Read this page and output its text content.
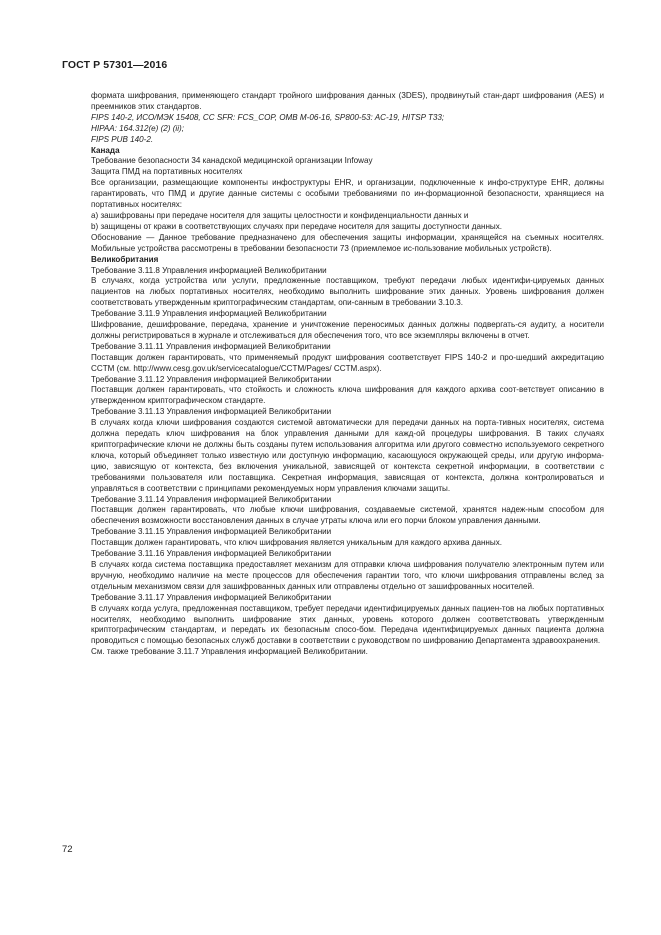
ГОСТ Р 57301—2016

формата шифрования, применяющего стандарт тройного шифрования данных (3DES), продвинутый стан-дарт шифрования (AES) и преемников этих стандартов.

FIPS 140-2, ИСО/МЭК 15408, CC SFR: FCS_COP, OMB M-06-16, SP800-53: AC-19, HITSP T33;

HIPAA: 164.312(e) (2) (ii);

FIPS PUB 140-2.

Канада

Требование безопасности 34 канадской медицинской организации Infoway

Защита ПМД на портативных носителях

Все организации, размещающие компоненты инфоструктуры EHR, и организации, подключенные к инфо-структуре EHR, должны гарантировать, что ПМД и другие данные системы с особыми требованиями по ин-формационной безопасности, хранящиеся на портативных носителях:

а) зашифрованы при передаче носителя для защиты целостности и конфиденциальности данных и

b) защищены от кражи в соответствующих случаях при передаче носителя для защиты доступности данных.

Обоснование — Данное требование предназначено для обеспечения защиты информации, хранящейся на съемных носителях. Мобильные устройства рассмотрены в требовании безопасности 73 (приемлемое ис-пользование мобильных устройств).

Великобритания

Требование 3.11.8 Управления информацией Великобритании

В случаях, когда устройства или услуги, предложенные поставщиком, требуют передачи любых идентифи-цируемых данных пациентов на любых портативных носителях, необходимо выполнить шифрование этих данных. Уровень шифрования должен соответствовать утвержденным криптографическим стандартам, опи-санным в требовании 3.10.3.

Требование 3.11.9 Управления информацией Великобритании

Шифрование, дешифрование, передача, хранение и уничтожение переносимых данных должны подвергать-ся аудиту, а носители должны регистрироваться в журнале и отслеживаться для обеспечения того, что все экземпляры включены в отчет.

Требование 3.11.11 Управления информацией Великобритании

Поставщик должен гарантировать, что применяемый продукт шифрования соответствует FIPS 140-2 и про-шедший аккредитацию CCTM (см. http://www.cesg.gov.uk/servicecatalogue/CCTM/Pages/ CCTM.aspx).

Требование 3.11.12 Управления информацией Великобритании

Поставщик должен гарантировать, что стойкость и сложность ключа шифрования для каждого архива соот-ветствует описанию в утвержденном криптографическом стандарте.

Требование 3.11.13 Управления информацией Великобритании

В случаях когда ключи шифрования создаются системой автоматически для передачи данных на порта-тивных носителях, система должна передать ключ шифрования на блок управления данными для кажд-ой процедуры шифрования. В таких случаях криптографические ключи не должны быть созданы путем использования алгоритма или другого совместно используемого секретного ключа, который объединяет только известную или доступную информацию, касающуюся окружающей среды, или другую информа-цию, зависящую от контекста, без включения уникальной, зависящей от контекста секретной информации, в соответствии с требованиями пользователя или поставщика. Секретная информация, зависящая от контекста, должна контролироваться и управляться в соответствии с принципами рекомендуемых норм управления ключами защиты.

Требование 3.11.14 Управления информацией Великобритании

Поставщик должен гарантировать, что любые ключи шифрования, создаваемые системой, хранятся надеж-ным способом для обеспечения возможности восстановления данных в случае утраты ключа или его порчи блоком управления данными.

Требование 3.11.15 Управления информацией Великобритании

Поставщик должен гарантировать, что ключ шифрования является уникальным для каждого архива данных.

Требование 3.11.16 Управления информацией Великобритании

В случаях когда система поставщика предоставляет механизм для отправки ключа шифрования получателю электронным путем или вручную, необходимо наличие на месте процессов для обеспечения гарантии того, что ключи шифрования отправлены вслед за отдельным механизмом связи для зашифрованных данных или отправлены отдельно от зашифрованных носителей.

Требование 3.11.17 Управления информацией Великобритании

В случаях когда услуга, предложенная поставщиком, требует передачи идентифицируемых данных пациен-тов на любых портативных носителях, необходимо выполнить шифрование этих данных, уровень которого должен соответствовать утвержденным криптографическим стандартам, и передать их безопасным спосо-бом. Передача идентифицируемых данных пациента должна проводиться с помощью безопасных служб доставки в соответствии с руководством по шифрованию Департамента здравоохранения.

См. также требование 3.11.7 Управления информацией Великобритании.

72
